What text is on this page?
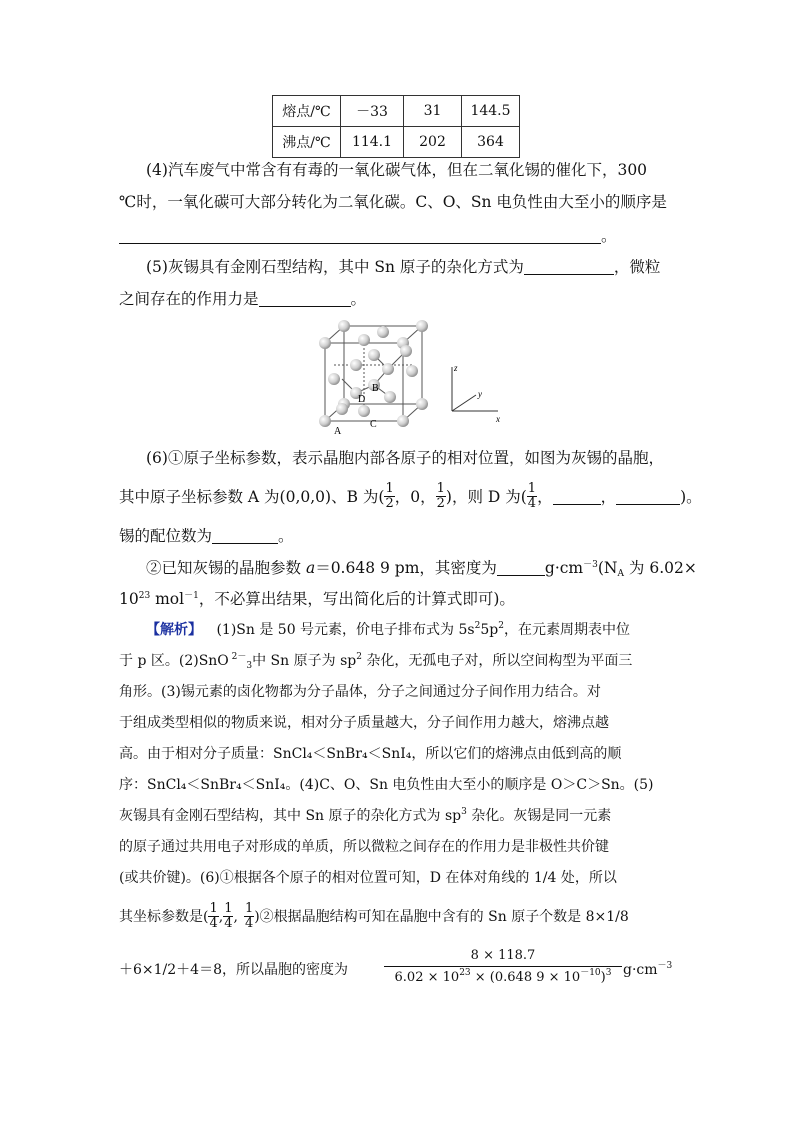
熔点/℃	－33	31	144.5
沸点/℃	114.1	202	364
(4)汽车废气中常含有有毒的一氧化碳气体，但在二氧化锡的催化下，300
℃时，一氧化碳可大部分转化为二氧化碳。C、O、Sn 电负性由大至小的顺序是
。
(5)灰锡具有金刚石型结构，其中 Sn 原子的杂化方式为	，微粒
之间存在的作用力是	。
B
D
A
C
z
y
x
(6)①原子坐标参数，表示晶胞内部各原子的相对位置，如图为灰锡的晶胞，
其中原子坐标参数 A 为(0,0,0)、B 为( $\frac{1}{2}$ ，0， $\frac{1}{2}$ )，则 D 为( $\frac{1}{4}$ ，	，	)。
锡的配位数为	。
②已知灰锡的晶胞参数 a＝0.648 9 pm，其密度为	$g\cdot cm^{-3}(N_A$ 为 6.02×
$10^{23}$ mol$^{-1}$，不必算出结果，写出简化后的计算式即可)。
【解析】 (1)Sn 是 50 号元素，价电子排布式为 $5s^25p^2$，在元素周期表中位
于 p 区。(2)SnO $^{2-}_3$中 Sn 原子为 $sp^2$ 杂化，无孤电子对，所以空间构型为平面三
角形。(3)锡元素的卤化物都为分子晶体，分子之间通过分子间作用力结合。对
于组成类型相似的物质来说，相对分子质量越大，分子间作用力越大，熔沸点越
高。由于相对分子质量：SnCl₄＜SnBr₄＜SnI₄，所以它们的熔沸点由低到高的顺
序：SnCl₄＜SnBr₄＜SnI₄。(4)C、O、Sn 电负性由大至小的顺序是 O＞C＞Sn。(5)
灰锡具有金刚石型结构，其中 Sn 原子的杂化方式为 $sp^3$ 杂化。灰锡是同一元素
的原子通过共用电子对形成的单质，所以微粒之间存在的作用力是非极性共价键
(或共价键)。(6)①根据各个原子的相对位置可知，D 在体对角线的 1/4 处，所以
其坐标参数是( $\frac{1}{4}$ , $\frac{1}{4}$ , $\frac{1}{4}$ )②根据晶胞结构可知在晶胞中含有的 Sn 原子个数是 8×1/8
＋6×1/2＋4＝8，所以晶胞的密度为	$\frac{8 \times 118.7}{6.02 \times 10^{23} \times (0.648 9 \times 10^{-10})^3} g\cdot cm^{-3}$
